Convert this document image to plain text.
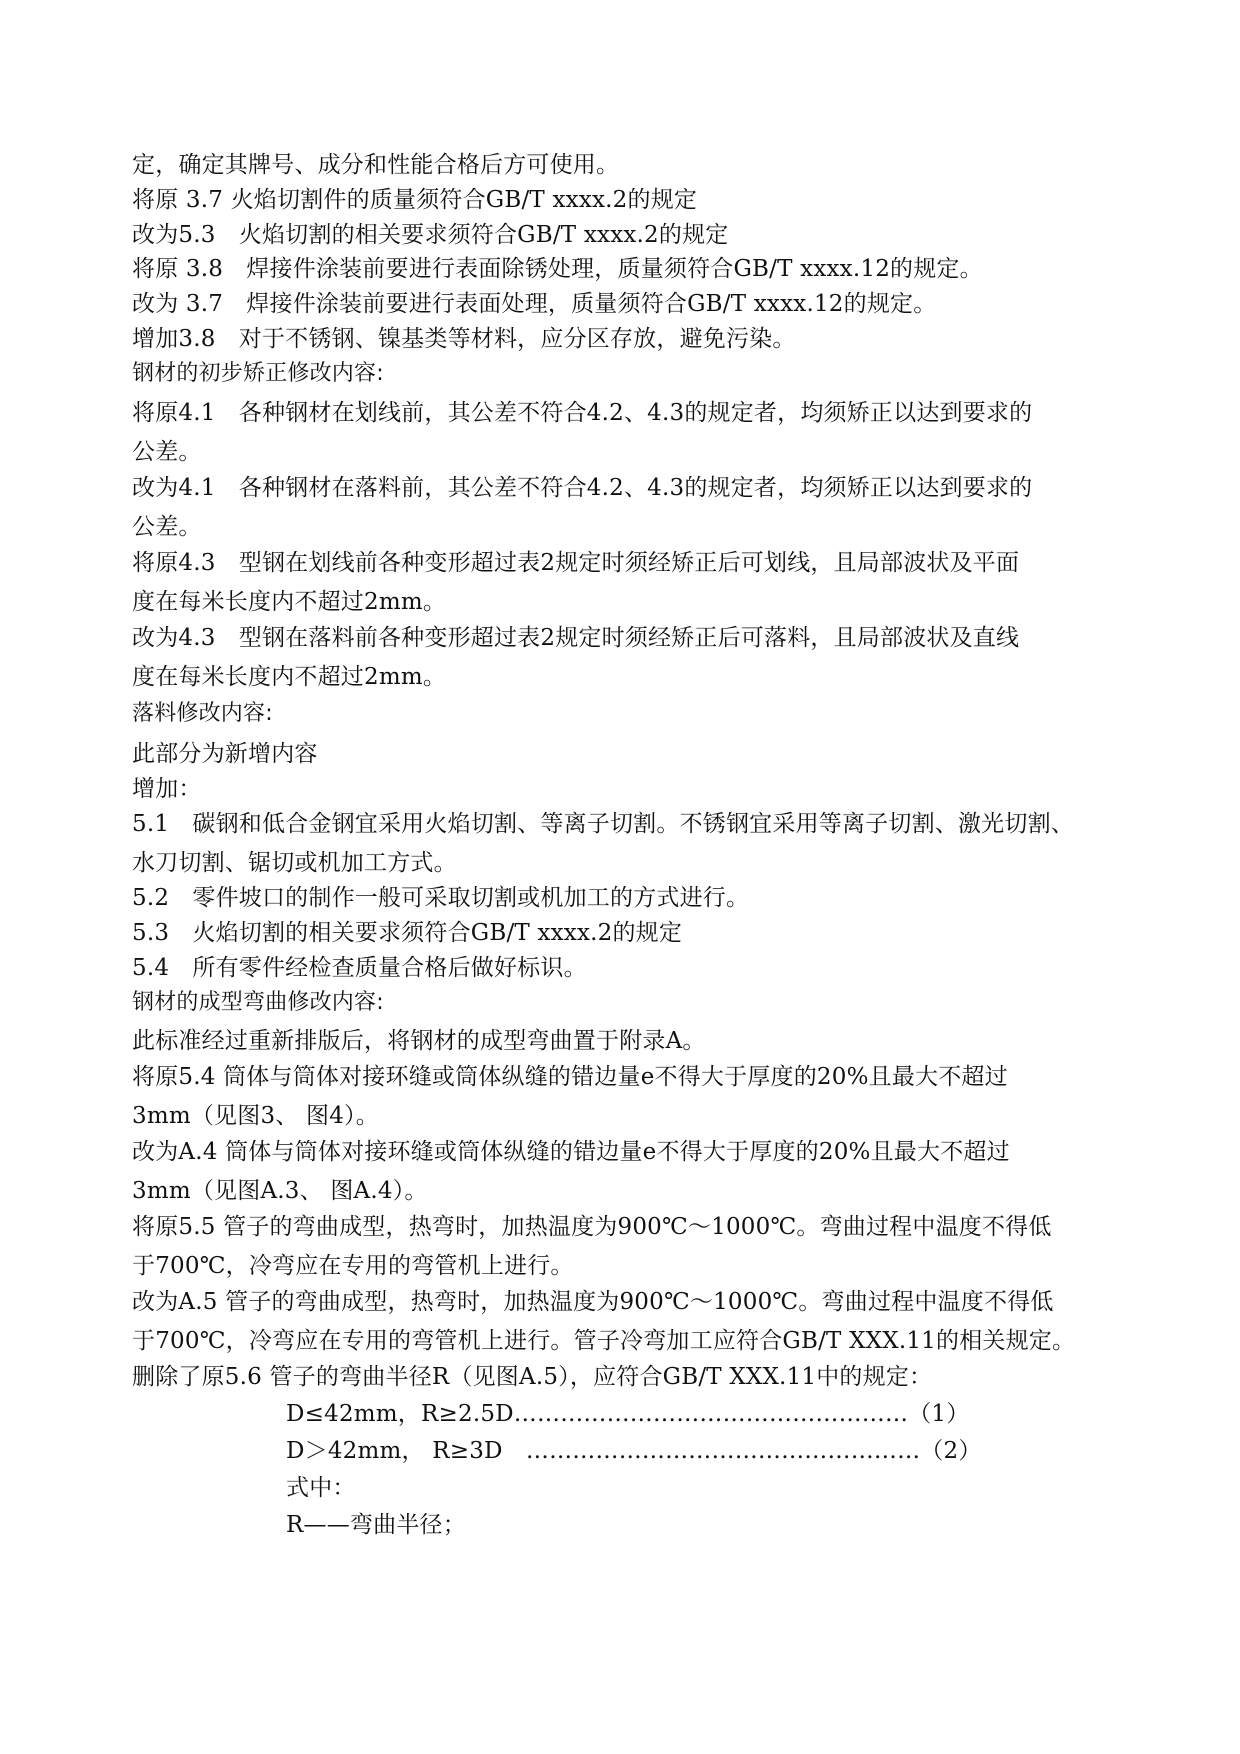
定，确定其牌号、成分和性能合格后方可使用。
将原 3.7 火焰切割件的质量须符合GB/T xxxx.2的规定
改为5.3　火焰切割的相关要求须符合GB/T xxxx.2的规定
将原 3.8　焊接件涂装前要进行表面除锈处理，质量须符合GB/T xxxx.12的规定。
改为 3.7　焊接件涂装前要进行表面处理，质量须符合GB/T xxxx.12的规定。
增加3.8　对于不锈钢、镍基类等材料，应分区存放，避免污染。
钢材的初步矫正修改内容:
将原4.1　各种钢材在划线前，其公差不符合4.2、4.3的规定者，均须矫正以达到要求的
公差。
改为4.1　各种钢材在落料前，其公差不符合4.2、4.3的规定者，均须矫正以达到要求的
公差。
将原4.3　型钢在划线前各种变形超过表2规定时须经矫正后可划线，且局部波状及平面
度在每米长度内不超过2mm。
改为4.3　型钢在落料前各种变形超过表2规定时须经矫正后可落料，且局部波状及直线
度在每米长度内不超过2mm。
落料修改内容:
此部分为新增内容
增加：
5.1　碳钢和低合金钢宜采用火焰切割、等离子切割。不锈钢宜采用等离子切割、激光切割、
水刀切割、锯切或机加工方式。
5.2　零件坡口的制作一般可采取切割或机加工的方式进行。
5.3　火焰切割的相关要求须符合GB/T xxxx.2的规定
5.4　所有零件经检查质量合格后做好标识。
钢材的成型弯曲修改内容:
此标准经过重新排版后，将钢材的成型弯曲置于附录A。
将原5.4 筒体与筒体对接环缝或筒体纵缝的错边量e不得大于厚度的20%且最大不超过
3mm（见图3、 图4）。
改为A.4 筒体与筒体对接环缝或筒体纵缝的错边量e不得大于厚度的20%且最大不超过
3mm（见图A.3、 图A.4）。
将原5.5 管子的弯曲成型，热弯时，加热温度为900℃～1000℃。弯曲过程中温度不得低
于700℃，冷弯应在专用的弯管机上进行。
改为A.5 管子的弯曲成型，热弯时，加热温度为900℃～1000℃。弯曲过程中温度不得低
于700℃，冷弯应在专用的弯管机上进行。管子冷弯加工应符合GB/T XXX.11的相关规定。
删除了原5.6 管子的弯曲半径R（见图A.5），应符合GB/T XXX.11中的规定：
D≤42mm，R≥2.5D……………………………………………（1）
D＞42mm， R≥3D　……………………………………………（2）
式中：
R——弯曲半径；
